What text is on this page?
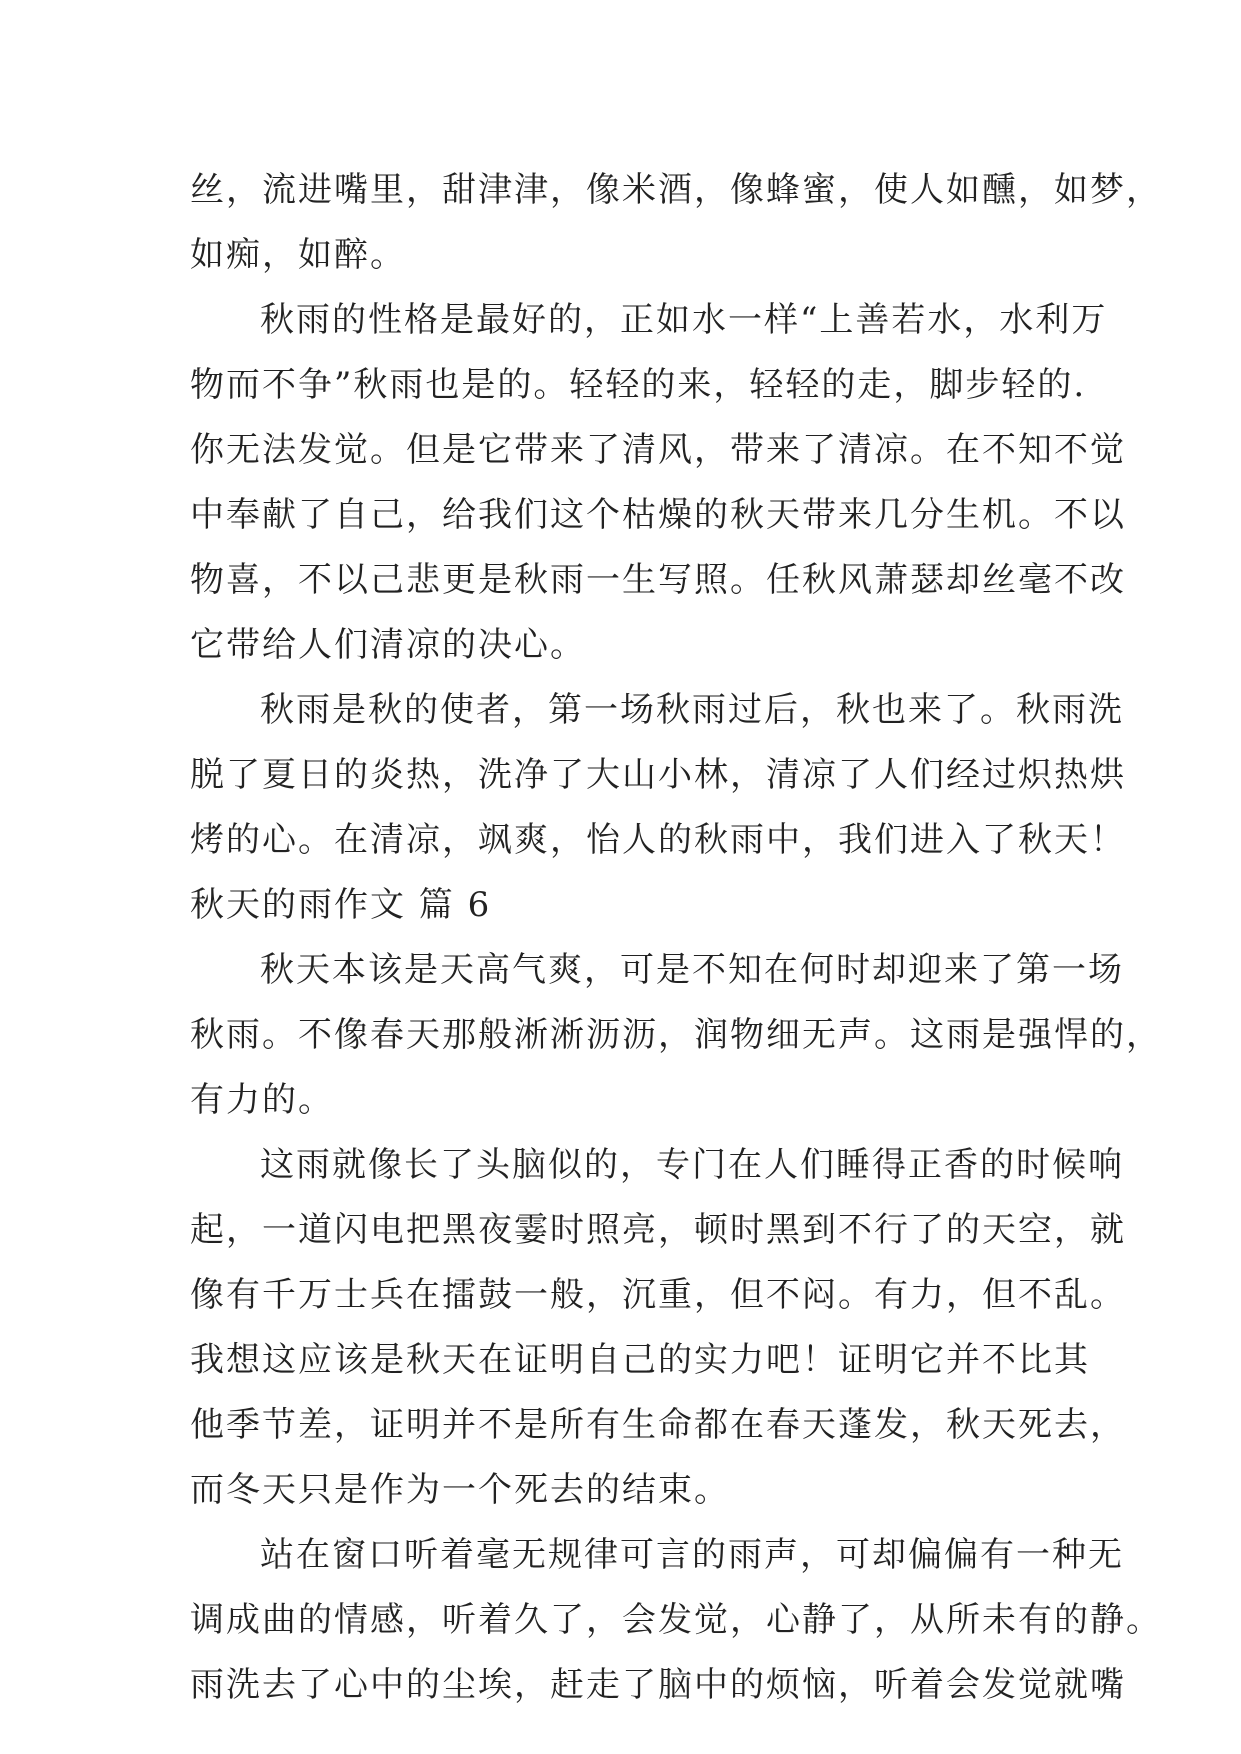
丝，流进嘴里，甜津津，像米酒，像蜂蜜，使人如醺，如梦，
如痴，如醉。
秋雨的性格是最好的，正如水一样“上善若水，水利万
物而不争”秋雨也是的。轻轻的来，轻轻的走，脚步轻的.
你无法发觉。但是它带来了清风，带来了清凉。在不知不觉
中奉献了自己，给我们这个枯燥的秋天带来几分生机。不以
物喜，不以己悲更是秋雨一生写照。任秋风萧瑟却丝毫不改
它带给人们清凉的决心。
秋雨是秋的使者，第一场秋雨过后，秋也来了。秋雨洗
脱了夏日的炎热，洗净了大山小林，清凉了人们经过炽热烘
烤的心。在清凉，飒爽，怡人的秋雨中，我们进入了秋天！
秋天的雨作文 篇 6
秋天本该是天高气爽，可是不知在何时却迎来了第一场
秋雨。不像春天那般淅淅沥沥，润物细无声。这雨是强悍的，
有力的。
这雨就像长了头脑似的，专门在人们睡得正香的时候响
起，一道闪电把黑夜霎时照亮，顿时黑到不行了的天空，就
像有千万士兵在擂鼓一般，沉重，但不闷。有力，但不乱。
我想这应该是秋天在证明自己的实力吧！证明它并不比其
他季节差，证明并不是所有生命都在春天蓬发，秋天死去，
而冬天只是作为一个死去的结束。
站在窗口听着毫无规律可言的雨声，可却偏偏有一种无
调成曲的情感，听着久了，会发觉，心静了，从所未有的静。
雨洗去了心中的尘埃，赶走了脑中的烦恼，听着会发觉就嘴
